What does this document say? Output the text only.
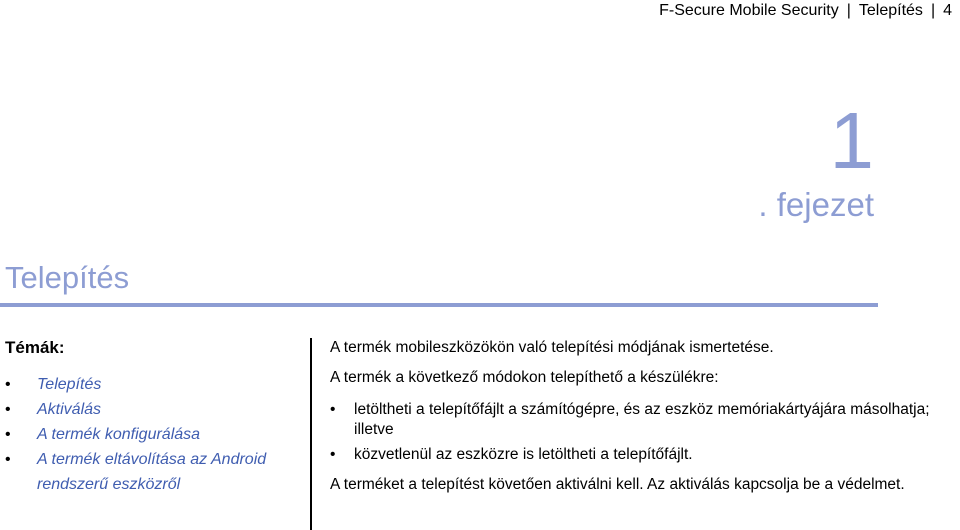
F-Secure Mobile Security | Telepítés | 4
1
. fejezet
Telepítés
Témák:
• Telepítés
• Aktiválás
• A termék konfigurálása
• A termék eltávolítása az Android rendszerű eszközről

A termék mobileszközökön való telepítési módjának ismertetése.

A termék a következő módokon telepíthető a készülékre:

• letöltheti a telepítőfájlt a számítógépre, és az eszköz memóriakártyájára másolhatja; illetve
• közvetlenül az eszközre is letöltheti a telepítőfájlt.

A terméket a telepítést követően aktiválni kell. Az aktiválás kapcsolja be a védelmet.
